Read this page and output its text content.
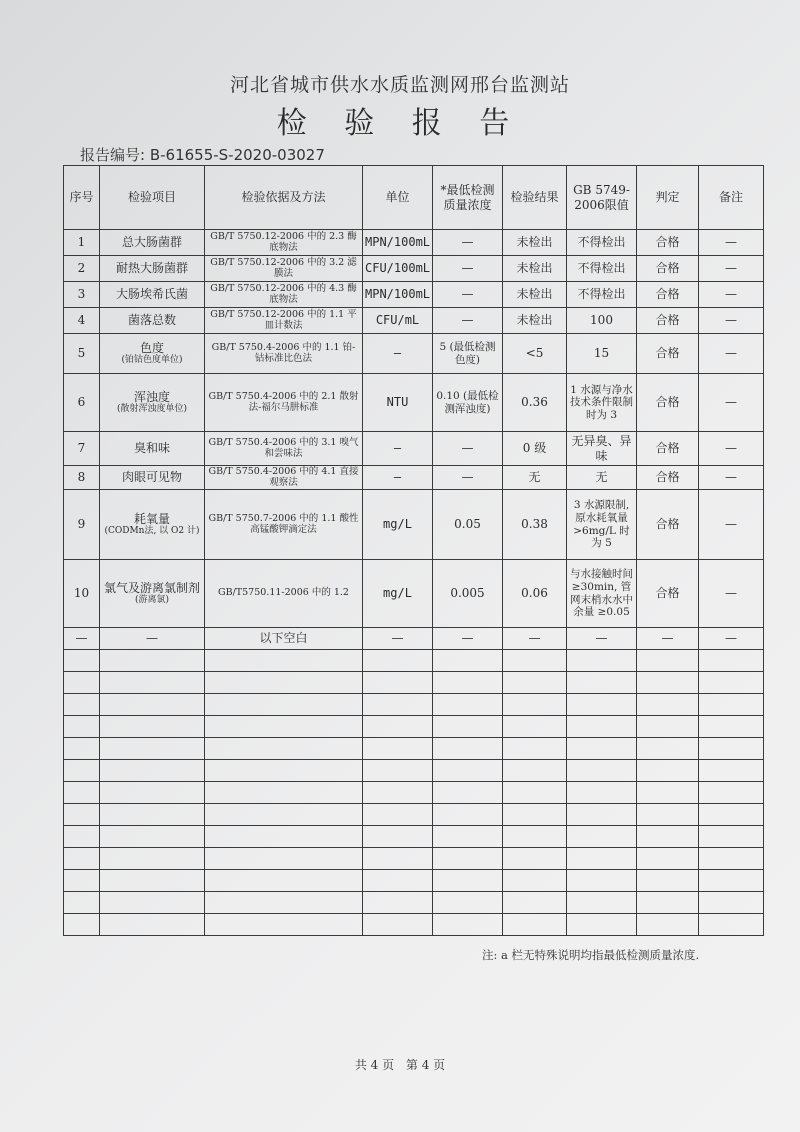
河北省城市供水水质监测网邢台监测站
检 验 报 告
报告编号: B-61655-S-2020-03027
序号	检验项目	检验依据及方法	单位	*最低检测质量浓度	检验结果	GB 5749-2006限值	判定	备注
1	总大肠菌群	GB/T 5750.12-2006 中的 2.3 酶底物法	MPN/100mL	—	未检出	不得检出	合格	—
2	耐热大肠菌群	GB/T 5750.12-2006 中的 3.2 滤膜法	CFU/100mL	—	未检出	不得检出	合格	—
3	大肠埃希氏菌	GB/T 5750.12-2006 中的 4.3 酶底物法	MPN/100mL	—	未检出	不得检出	合格	—
4	菌落总数	GB/T 5750.12-2006 中的 1.1 平皿计数法	CFU/mL	—	未检出	100	合格	—
5	色度
(铂钴色度单位)	GB/T 5750.4-2006 中的 1.1 铂-钴标准比色法	—	5 (最低检测色度)	<5	15	合格	—
6	浑浊度
(散射浑浊度单位)	GB/T 5750.4-2006 中的 2.1 散射法-福尔马肼标准	NTU	0.10 (最低检测浑浊度)	0.36	1 水源与净水技术条件限制时为 3	合格	—
7	臭和味	GB/T 5750.4-2006 中的 3.1 嗅气和尝味法	—	—	0 级	无异臭、异味	合格	—
8	肉眼可见物	GB/T 5750.4-2006 中的 4.1 直接观察法	—	—	无	无	合格	—
9	耗氧量
(CODMn法, 以 O2 计)	GB/T 5750.7-2006 中的 1.1 酸性高锰酸钾滴定法	mg/L	0.05	0.38	3 水源限制, 原水耗氧量 >6mg/L 时为 5	合格	—
10	氯气及游离氯制剂
(游离氯)	GB/T5750.11-2006 中的 1.2	mg/L	0.005	0.06	与水接触时间≥30min, 管网末梢水水中余量 ≥0.05	合格	—
—	—	以下空白	—	—	—	—	—	—

注: a 栏无特殊说明均指最低检测质量浓度.
共 4 页 第 4 页
